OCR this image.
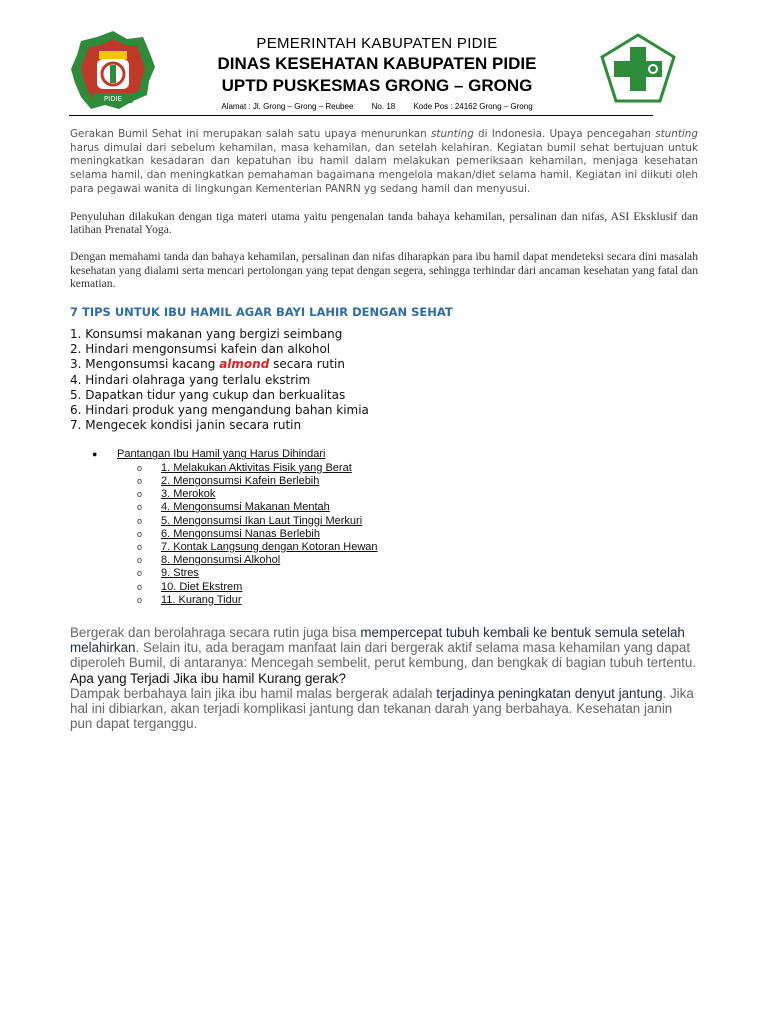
PIDIE
PEMERINTAH KABUPATEN PIDIE
DINAS KESEHATAN KABUPATEN PIDIE
UPTD PUSKESMAS GRONG – GRONG
Alamat : Jl. Grong – Grong – Reubee No. 18 Kode Pos : 24162 Grong – Grong

Gerakan Bumil Sehat ini merupakan salah satu upaya menurunkan stunting di Indonesia. Upaya pencegahan stunting harus dimulai dari sebelum kehamilan, masa kehamilan, dan setelah kelahiran. Kegiatan bumil sehat bertujuan untuk meningkatkan kesadaran dan kepatuhan ibu hamil dalam melakukan pemeriksaan kehamilan, menjaga kesehatan selama hamil, dan meningkatkan pemahaman bagaimana mengelola makan/diet selama hamil. Kegiatan ini diikuti oleh para pegawai wanita di lingkungan Kementerian PANRN yg sedang hamil dan menyusui.

Penyuluhan dilakukan dengan tiga materi utama yaitu pengenalan tanda bahaya kehamilan, persalinan dan nifas, ASI Eksklusif dan latihan Prenatal Yoga.

Dengan memahami tanda dan bahaya kehamilan, persalinan dan nifas diharapkan para ibu hamil dapat mendeteksi secara dini masalah kesehatan yang dialami serta mencari pertolongan yang tepat dengan segera, sehingga terhindar dari ancaman kesehatan yang fatal dan kematian.

7 TIPS UNTUK IBU HAMIL AGAR BAYI LAHIR DENGAN SEHAT
1. Konsumsi makanan yang bergizi seimbang
2. Hindari mengonsumsi kafein dan alkohol
3. Mengonsumsi kacang almond secara rutin
4. Hindari olahraga yang terlalu ekstrim
5. Dapatkan tidur yang cukup dan berkualitas
6. Hindari produk yang mengandung bahan kimia
7. Mengecek kondisi janin secara rutin
●	Pantangan Ibu Hamil yang Harus Dihindari
o	1. Melakukan Aktivitas Fisik yang Berat
o	2. Mengonsumsi Kafein Berlebih
o	3. Merokok
o	4. Mengonsumsi Makanan Mentah
o	5. Mengonsumsi Ikan Laut Tinggi Merkuri
o	6. Mengonsumsi Nanas Berlebih
o	7. Kontak Langsung dengan Kotoran Hewan
o	8. Mengonsumsi Alkohol
o	9. Stres
o	10. Diet Ekstrem
o	11. Kurang Tidur
Bergerak dan berolahraga secara rutin juga bisa mempercepat tubuh kembali ke bentuk semula setelah melahirkan. Selain itu, ada beragam manfaat lain dari bergerak aktif selama masa kehamilan yang dapat diperoleh Bumil, di antaranya: Mencegah sembelit, perut kembung, dan bengkak di bagian tubuh tertentu.
Apa yang Terjadi Jika ibu hamil Kurang gerak?
Dampak berbahaya lain jika ibu hamil malas bergerak adalah terjadinya peningkatan denyut jantung. Jika hal ini dibiarkan, akan terjadi komplikasi jantung dan tekanan darah yang berbahaya. Kesehatan janin pun dapat terganggu.
